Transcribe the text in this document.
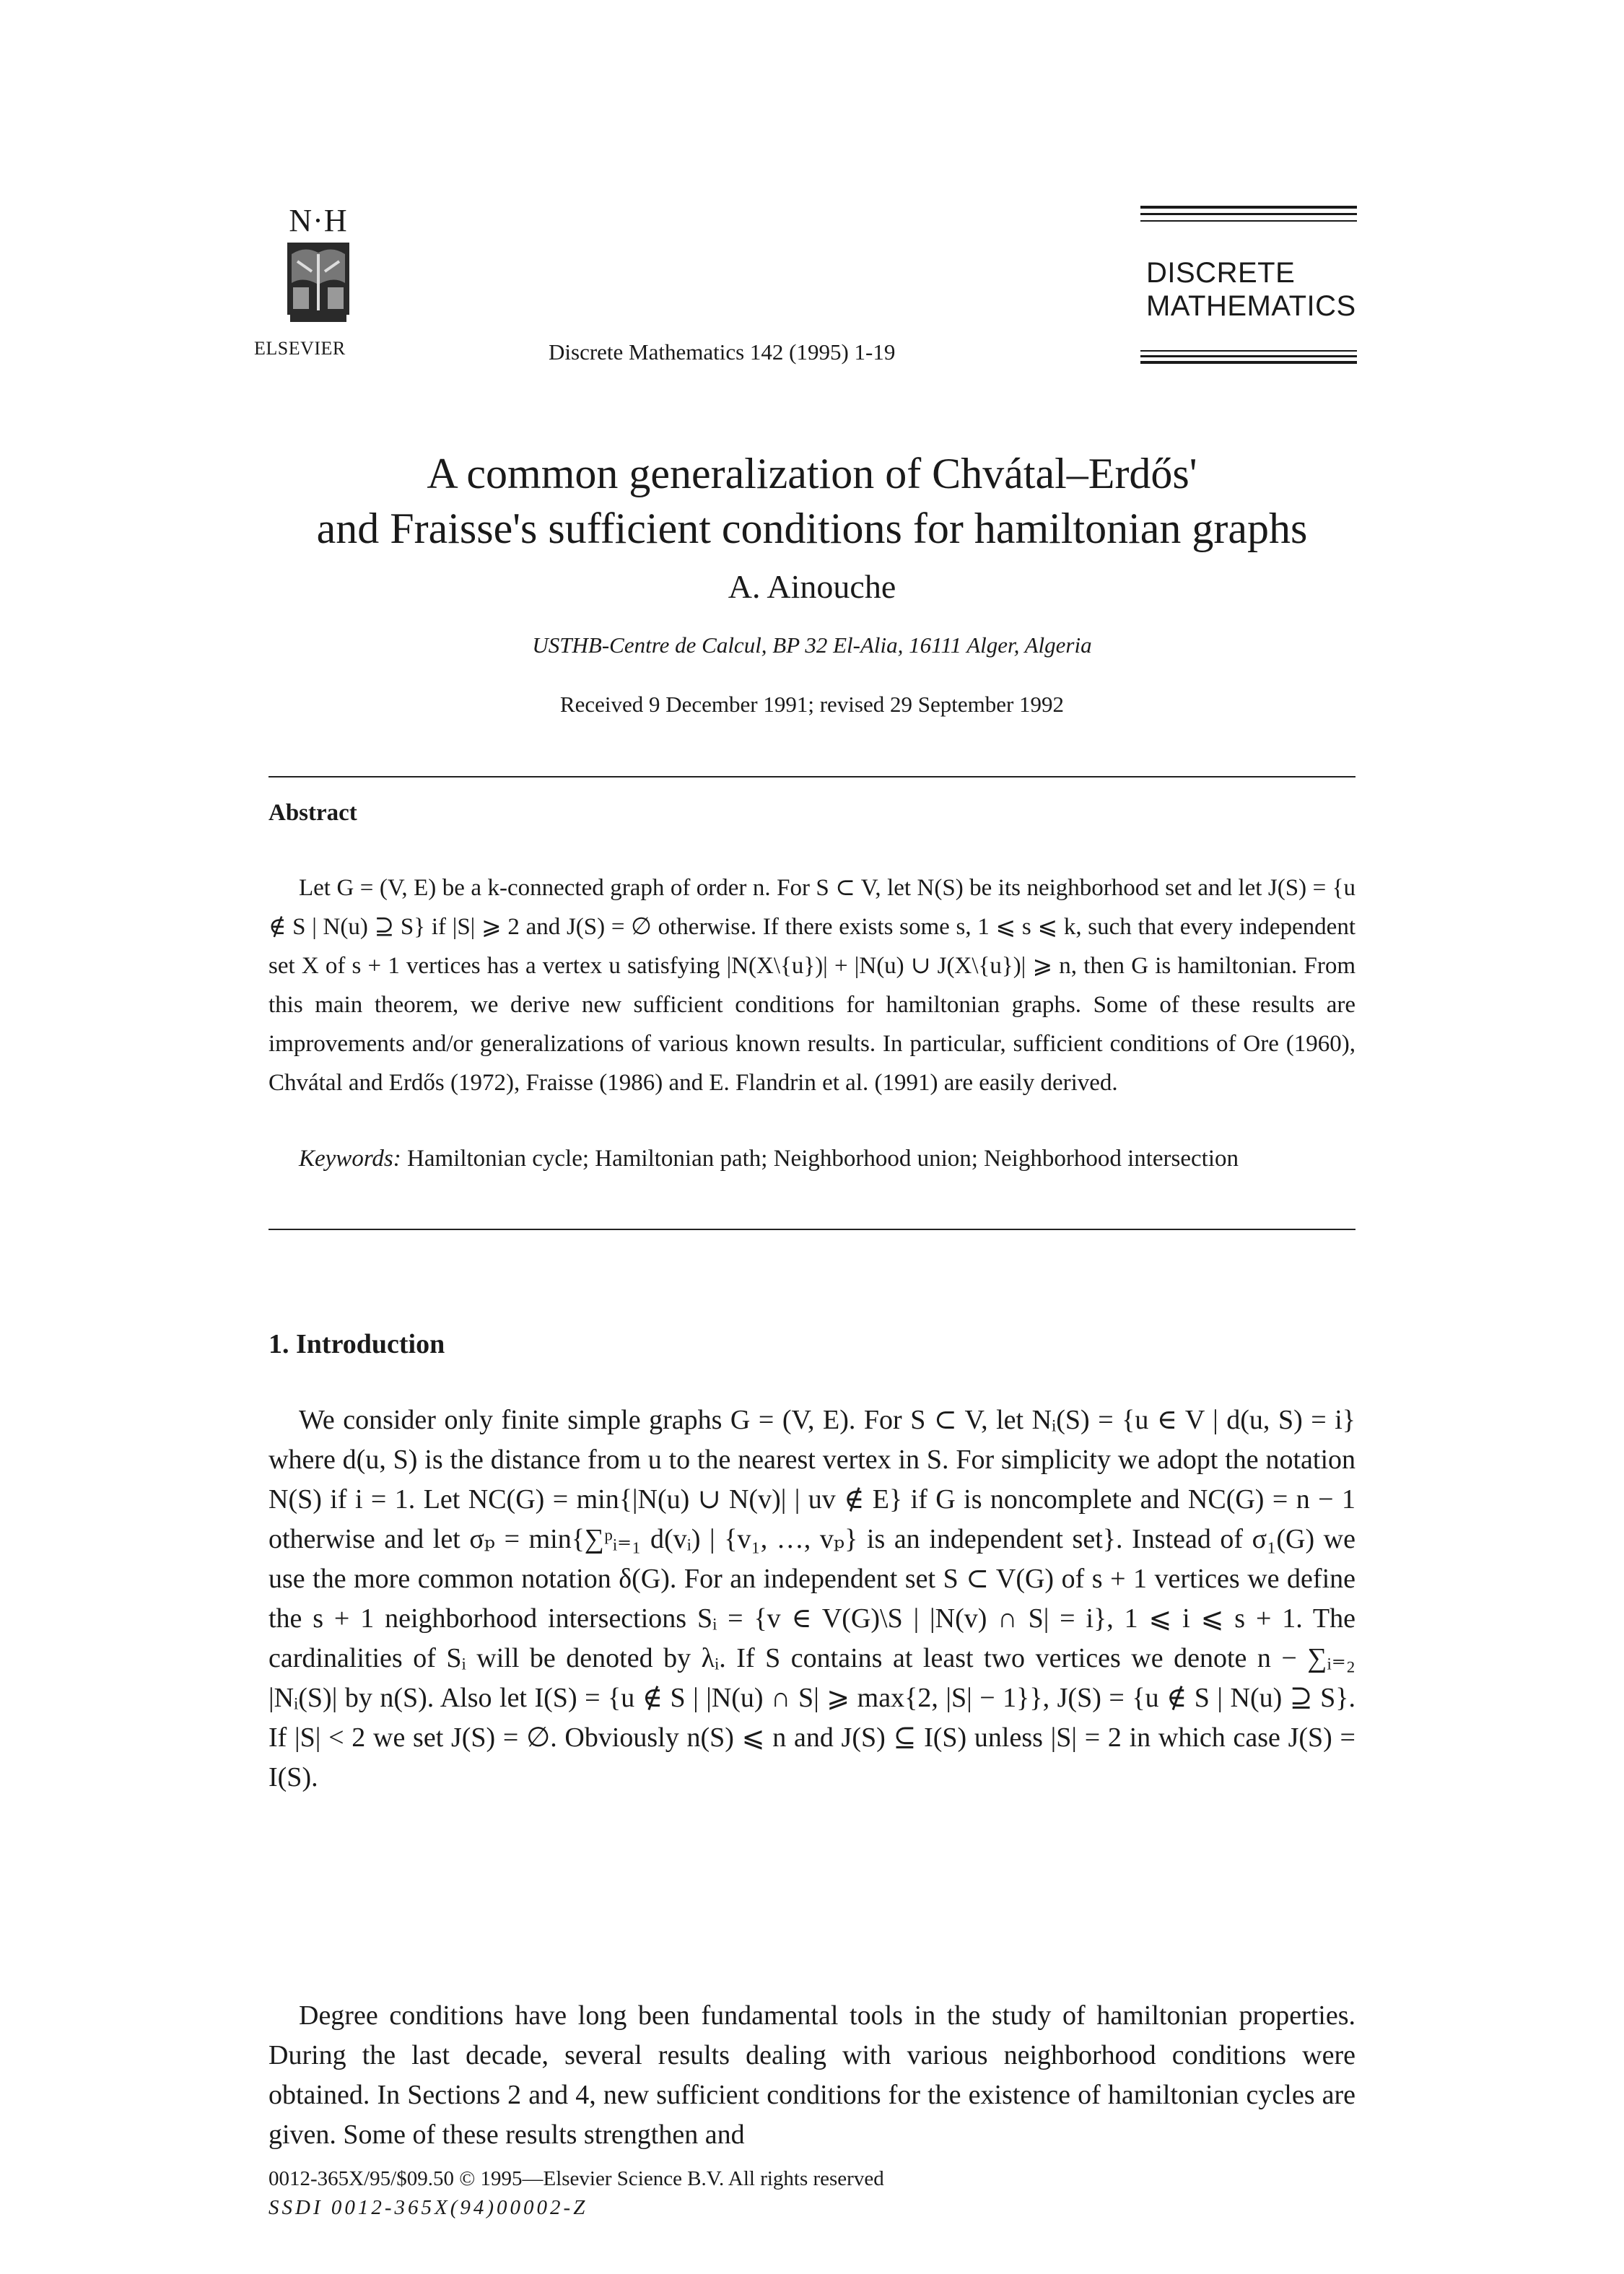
N·H
ELSEVIER	Discrete Mathematics 142 (1995) 1-19
DISCRETE
MATHEMATICS
A common generalization of Chvátal–Erdős'
and Fraisse's sufficient conditions for hamiltonian graphs
A. Ainouche
USTHB-Centre de Calcul, BP 32 El-Alia, 16111 Alger, Algeria
Received 9 December 1991; revised 29 September 1992
Abstract
Let G = (V, E) be a k-connected graph of order n. For S ⊂ V, let N(S) be its neighborhood set and let J(S) = {u ∉ S | N(u) ⊇ S} if |S| ⩾ 2 and J(S) = ∅ otherwise. If there exists some s, 1 ⩽ s ⩽ k, such that every independent set X of s + 1 vertices has a vertex u satisfying |N(X\{u})| + |N(u) ∪ J(X\{u})| ⩾ n, then G is hamiltonian. From this main theorem, we derive new sufficient conditions for hamiltonian graphs. Some of these results are improvements and/or generalizations of various known results. In particular, sufficient conditions of Ore (1960), Chvátal and Erdős (1972), Fraisse (1986) and E. Flandrin et al. (1991) are easily derived.
Keywords: Hamiltonian cycle; Hamiltonian path; Neighborhood union; Neighborhood intersection
1. Introduction
We consider only finite simple graphs G = (V, E). For S ⊂ V, let Nᵢ(S) = {u ∈ V | d(u, S) = i} where d(u, S) is the distance from u to the nearest vertex in S. For simplicity we adopt the notation N(S) if i = 1. Let NC(G) = min{|N(u) ∪ N(v)| | uv ∉ E} if G is noncomplete and NC(G) = n − 1 otherwise and let σₚ = min{∑ᵖᵢ₌₁ d(vᵢ) | {v₁, …, vₚ} is an independent set}. Instead of σ₁(G) we use the more common notation δ(G). For an independent set S ⊂ V(G) of s + 1 vertices we define the s + 1 neighborhood intersections Sᵢ = {v ∈ V(G)\S | |N(v) ∩ S| = i}, 1 ⩽ i ⩽ s + 1. The cardinalities of Sᵢ will be denoted by λᵢ. If S contains at least two vertices we denote n − ∑ᵢ₌₂ |Nᵢ(S)| by n(S). Also let I(S) = {u ∉ S | |N(u) ∩ S| ⩾ max{2, |S| − 1}}, J(S) = {u ∉ S | N(u) ⊇ S}. If |S| < 2 we set J(S) = ∅. Obviously n(S) ⩽ n and J(S) ⊆ I(S) unless |S| = 2 in which case J(S) = I(S).
Degree conditions have long been fundamental tools in the study of hamiltonian properties. During the last decade, several results dealing with various neighborhood conditions were obtained. In Sections 2 and 4, new sufficient conditions for the existence of hamiltonian cycles are given. Some of these results strengthen and
0012-365X/95/$09.50 © 1995—Elsevier Science B.V. All rights reserved
SSDI 0012-365X(94)00002-Z
